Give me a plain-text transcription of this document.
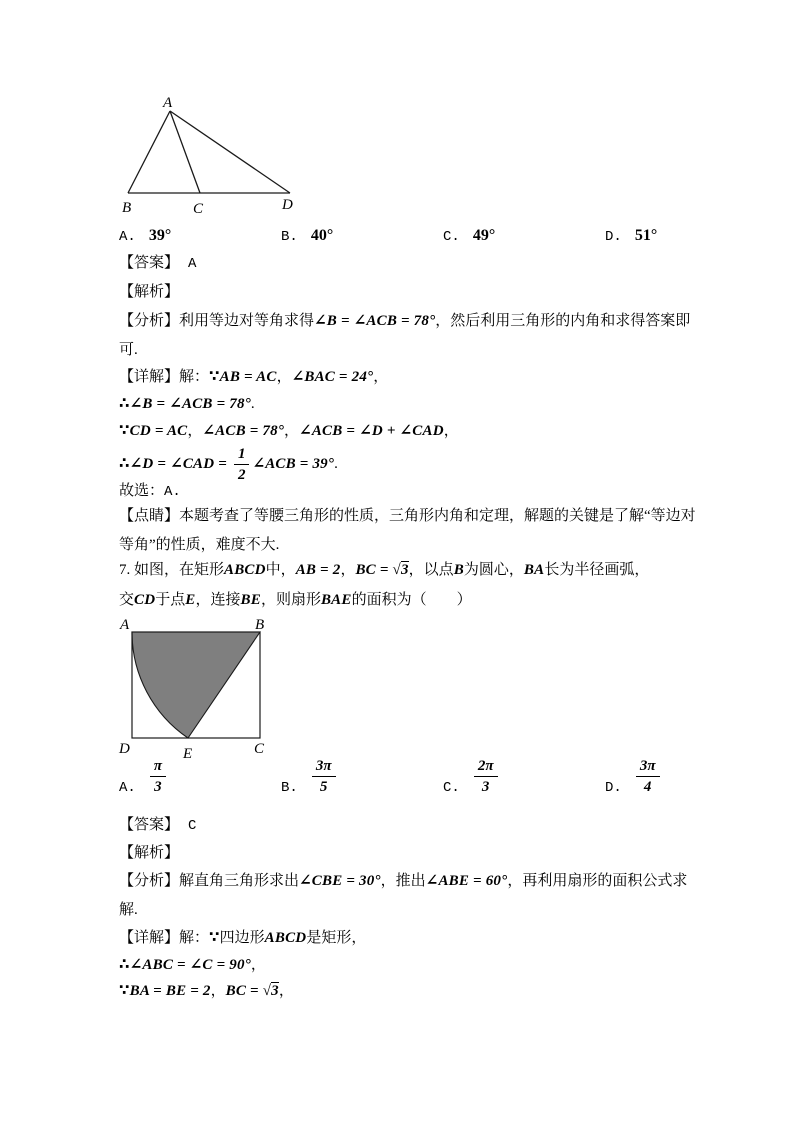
A
B	C	D
A. 39°	B. 40°	C. 49°	D. 51°
【答案】 A
【解析】
【分析】利用等边对等角求得∠B = ∠ACB = 78°，然后利用三角形的内角和求得答案即
可.
【详解】解：∵AB = AC，∠BAC = 24°，
∴∠B = ∠ACB = 78°.
∵CD = AC，∠ACB = 78°，∠ACB = ∠D + ∠CAD，
∴∠D = ∠CAD = $\frac{1}{2}$ ∠ACB = 39°.
故选：A.
【点睛】本题考查了等腰三角形的性质，三角形内角和定理，解题的关键是了解“等边对
等角”的性质，难度不大.
7. 如图，在矩形ABCD中，AB = 2，BC = √3，以点B为圆心，BA长为半径画弧，
交CD于点E，连接BE，则扇形BAE的面积为（　　）
A	B
D	C
E
A. $\frac{\pi}{3}$	B. $\frac{3\pi}{5}$	C. $\frac{2\pi}{3}$	D. $\frac{3\pi}{4}$
【答案】 C
【解析】
【分析】解直角三角形求出∠CBE = 30°，推出∠ABE = 60°，再利用扇形的面积公式求
解.
【详解】解：∵四边形ABCD是矩形，
∴∠ABC = ∠C = 90°，
∵BA = BE = 2，BC = √3，
